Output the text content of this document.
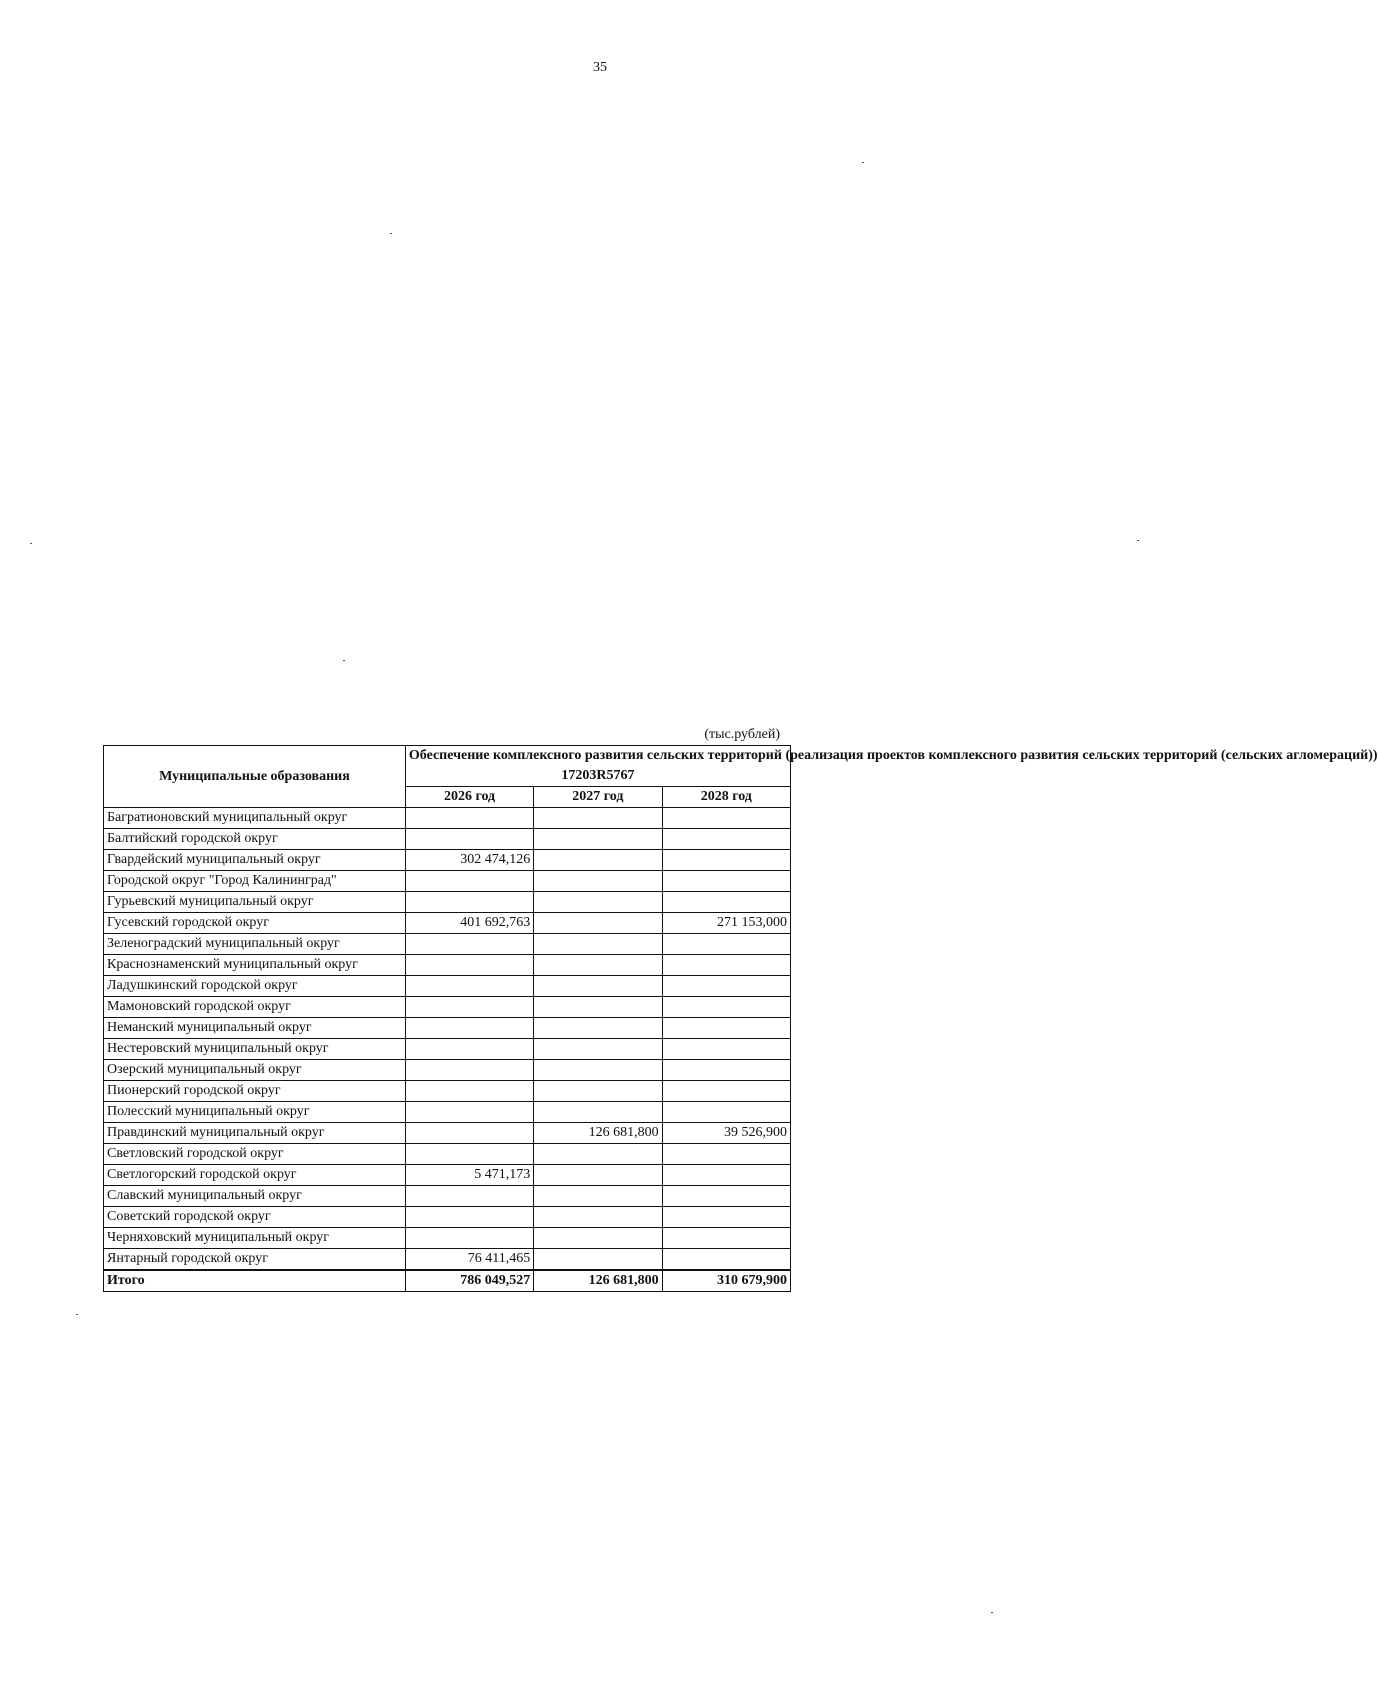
35
(тыс.рублей)
Муниципальные образования	Обеспечение комплексного развития сельских территорий (реализация проектов комплексного развития сельских территорий (сельских агломераций))
17203R5767		

	2026 год	2027 год	2028 год
Багратионовский муниципальный округ			
Балтийский городской округ			
Гвардейский муниципальный округ	302 474,126		
Городской округ "Город Калининград"			
Гурьевский муниципальный округ			
Гусевский городской округ	401 692,763		271 153,000
Зеленоградский муниципальный округ			
Краснознаменский муниципальный округ			
Ладушкинский городской округ			
Мамоновский городской округ			
Неманский муниципальный округ			
Нестеровский муниципальный округ			
Озерский муниципальный округ			
Пионерский городской округ			
Полесский муниципальный округ			
Правдинский муниципальный округ		126 681,800	39 526,900
Светловский городской округ			
Светлогорский городской округ	5 471,173		
Славский муниципальный округ			
Советский городской округ			
Черняховский муниципальный округ			
Янтарный городской округ	76 411,465		
Итого	786 049,527	126 681,800	310 679,900
